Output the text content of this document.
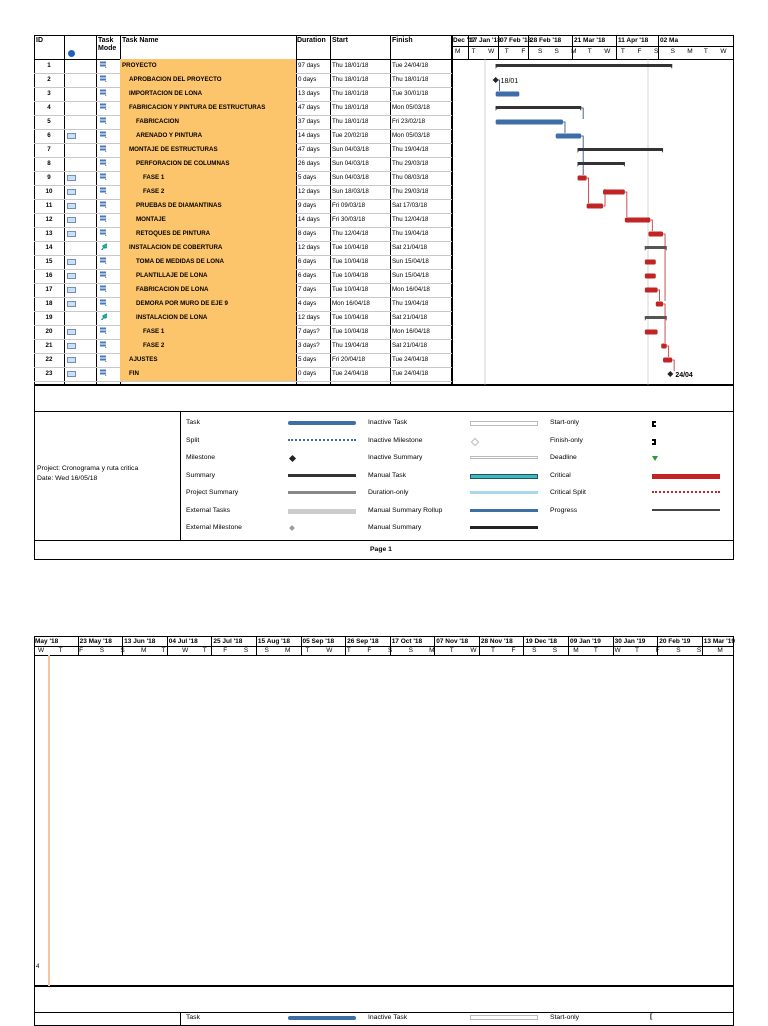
ID	Task Mode
Task Name	Duration Start	Finish	Dec '17
17 Jan '18 07 Feb '18
28 Feb '18 21 Mar '18 11 Apr '18 02 Ma
M T W T F S S M T W T F S S M T W
1	PROYECTO	97 days Thu 18/01/18	Tue 24/04/18
2	APROBACION DEL PROYECTO	0 days	Thu 18/01/18	Thu 18/01/18
3	IMPORTACION DE LONA	13 days Thu 18/01/18	Tue 30/01/18
4	FABRICACION Y PINTURA DE ESTRUCTURAS	47 days Thu 18/01/18	Mon 05/03/18
5	FABRICACION	37 days Thu 18/01/18	Fri 23/02/18
6	ARENADO Y PINTURA	14 days Tue 20/02/18	Mon 05/03/18
7	MONTAJE DE ESTRUCTURAS	47 days Sun 04/03/18	Thu 19/04/18
8	PERFORACION DE COLUMNAS	26 days Sun 04/03/18	Thu 29/03/18
9	FASE 1	5 days	Sun 04/03/18	Thu 08/03/18
10	FASE 2	12 days Sun 18/03/18	Thu 29/03/18
11	PRUEBAS DE DIAMANTINAS	9 days	Fri 09/03/18	Sat 17/03/18
12	MONTAJE	14 days Fri 30/03/18	Thu 12/04/18
13	RETOQUES DE PINTURA	8 days	Thu 12/04/18	Thu 19/04/18
14	INSTALACION DE COBERTURA	12 days Tue 10/04/18	Sat 21/04/18
15	TOMA DE MEDIDAS DE LONA	6 days	Tue 10/04/18	Sun 15/04/18
16	PLANTILLAJE DE LONA	6 days	Tue 10/04/18	Sun 15/04/18
17	FABRICACION DE LONA	7 days	Tue 10/04/18	Mon 16/04/18
18	DEMORA POR MURO DE EJE 9	4 days	Mon 16/04/18	Thu 19/04/18
19	INSTALACION DE LONA	12 days Tue 10/04/18	Sat 21/04/18
20	FASE 1	7 days? Tue 10/04/18	Mon 16/04/18
21	FASE 2	3 days? Thu 19/04/18	Sat 21/04/18
22	AJUSTES	5 days	Fri 20/04/18	Tue 24/04/18
23	FIN	0 days	Tue 24/04/18	Tue 24/04/18
18/01
24/04
Project: Cronograma y ruta critica
Date: Wed 16/05/18
Task
Split
Milestone
Summary
Project Summary
External Tasks
External Milestone
Inactive Task
Inactive Milestone
Inactive Summary
Manual Task
Duration-only
Manual Summary Rollup
Manual Summary
Start-only
Finish-only
Deadline
Critical
Critical Split
Progress
Page 1
May '18	23 May '18 13 Jun '18 04 Jul '18 25 Jul '18 15 Aug '18 05 Sep '18 26 Sep '18 17 Oct '18 07 Nov '18 28 Nov '18 19 Dec '18 09 Jan '19 30 Jan '19 20 Feb '19 13 Mar '19
W T	F	S	S	M T	W T	F	S	S M T	W T	F	S S	M T	W T	F	S	S M T	W T	F	S S	M
4
Task	Inactive Task	Start-only	[
